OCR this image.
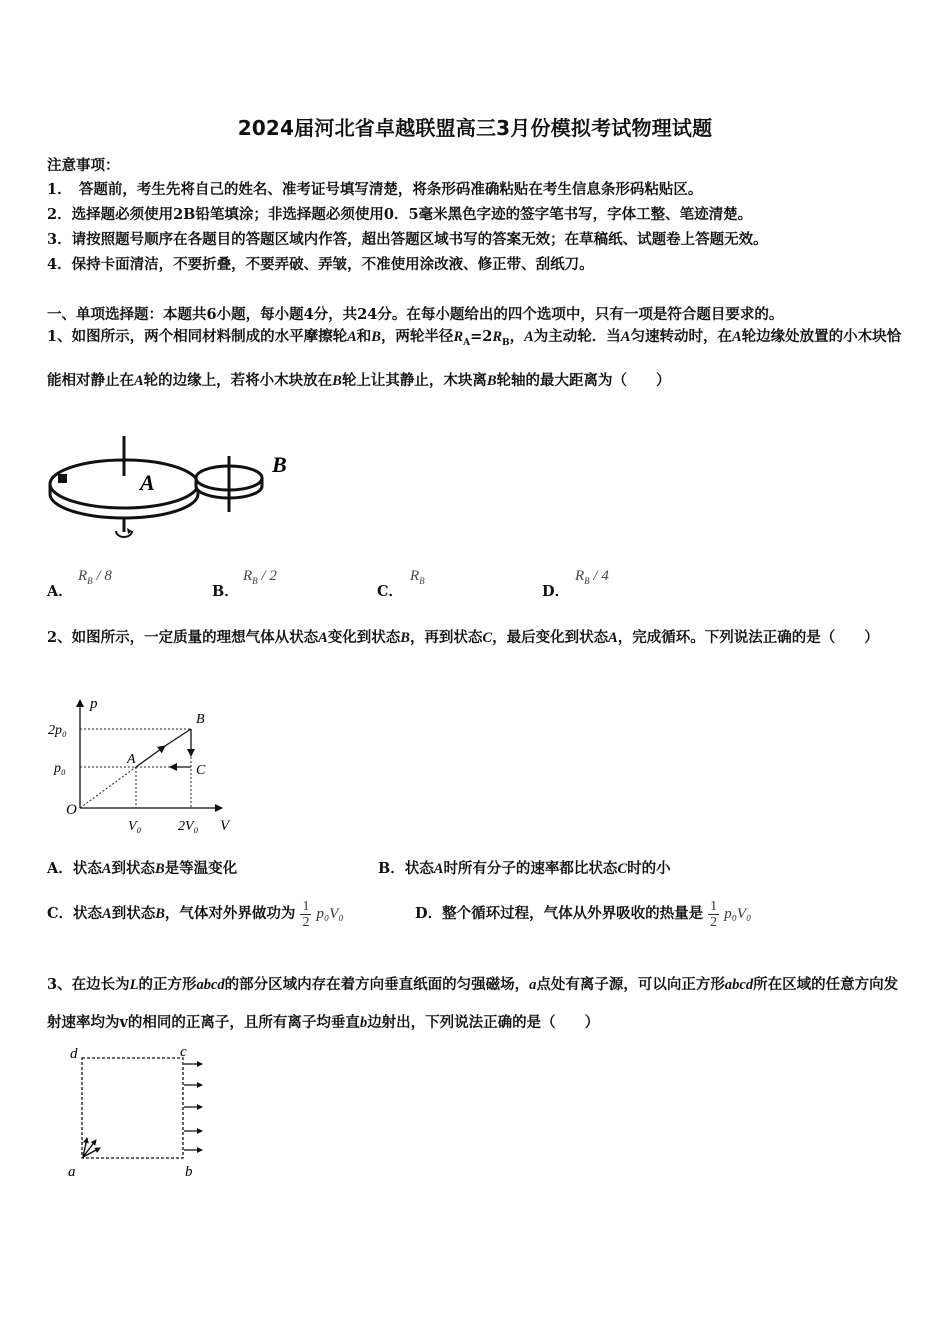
2024届河北省卓越联盟高三3月份模拟考试物理试题
注意事项：
1．　答题前，考生先将自己的姓名、准考证号填写清楚，将条形码准确粘贴在考生信息条形码粘贴区。
2．选择题必须使用2B铅笔填涂；非选择题必须使用0．5毫米黑色字迹的签字笔书写，字体工整、笔迹清楚。
3．请按照题号顺序在各题目的答题区域内作答，超出答题区域书写的答案无效；在草稿纸、试题卷上答题无效。
4．保持卡面清洁，不要折叠，不要弄破、弄皱，不准使用涂改液、修正带、刮纸刀。
一、单项选择题：本题共6小题，每小题4分，共24分。在每小题给出的四个选项中，只有一项是符合题目要求的。
1、如图所示，两个相同材料制成的水平摩擦轮A和B，两轮半径$R_A=2R_B$，A为主动轮．当A匀速转动时，在A轮边缘处放置的小木块恰能相对静止在A轮的边缘上，若将小木块放在B轮上让其静止，木块离B轮轴的最大距离为（　　）
A
B
A．
$R_B / 8$
B．
$R_B / 2$
C．
$R_B$
D．
$R_B / 4$
2、如图所示，一定质量的理想气体从状态A变化到状态B，再到状态C，最后变化到状态A，完成循环。下列说法正确的是（　　）
p
V
O
2p₀
p₀
V₀	2V₀
A
B
C
A．状态A到状态B是等温变化	B．状态A时所有分子的速率都比状态C时的小
C．状态A到状态B，气体对外界做功为 $\frac{1}{2} p_0V_0$	D．整个循环过程，气体从外界吸收的热量是 $\frac{1}{2} p_0V_0$
3、在边长为L的正方形abcd的部分区域内存在着方向垂直纸面的匀强磁场，a点处有离子源，可以向正方形abcd所在区域的任意方向发射速率均为v的相同的正离子，且所有离子均垂直b边射出，下列说法正确的是（　　）
d	c
a	b
